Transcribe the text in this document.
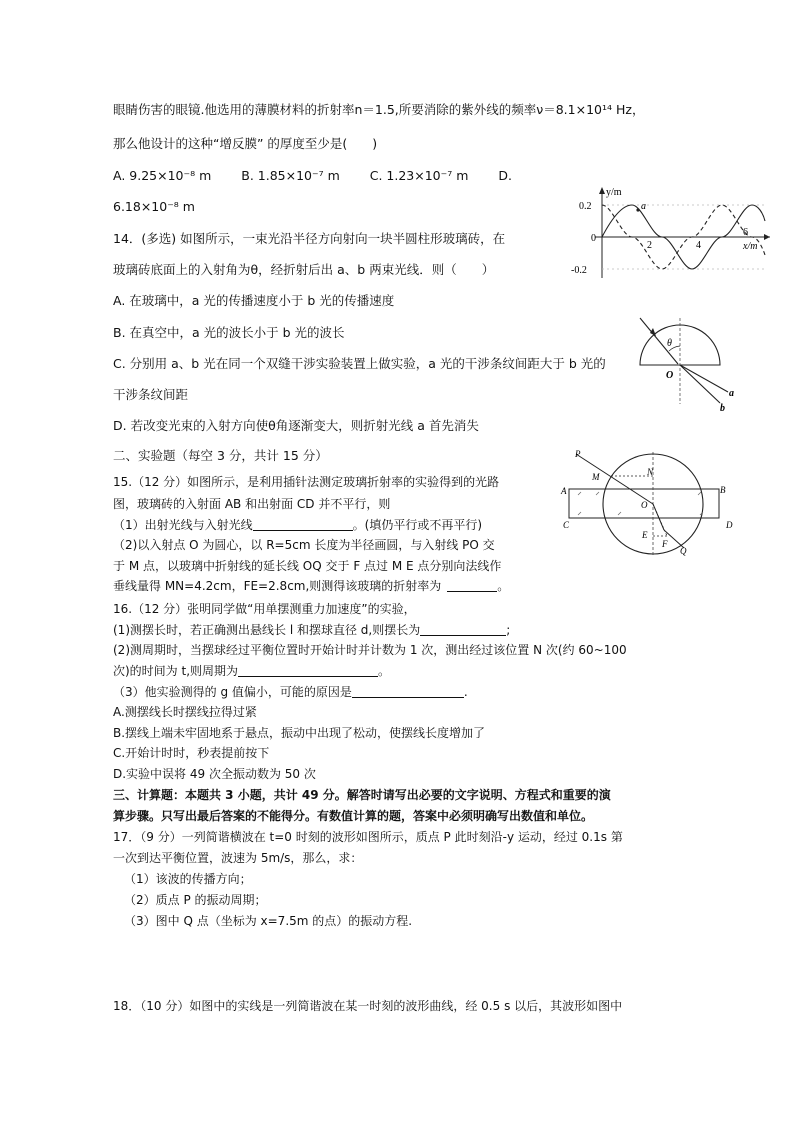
眼睛伤害的眼镜.他选用的薄膜材料的折射率n＝1.5,所要消除的紫外线的频率ν＝8.1×10¹⁴ Hz，
那么他设计的这种“增反膜” 的厚度至少是(　　)
A. 9.25×10⁻⁸ m B. 1.85×10⁻⁷ m C. 1.23×10⁻⁷ m D.
6.18×10⁻⁸ m
14．(多选) 如图所示，一束光沿半径方向射向一块半圆柱形玻璃砖，在
玻璃砖底面上的入射角为θ，经折射后出 a、b 两束光线．则（　　）
A. 在玻璃中，a 光的传播速度小于 b 光的传播速度
B. 在真空中，a 光的波长小于 b 光的波长
C. 分别用 a、b 光在同一个双缝干涉实验装置上做实验，a 光的干涉条纹间距大于 b 光的
干涉条纹间距
D. 若改变光束的入射方向使θ角逐渐变大，则折射光线 a 首先消失
y/m
x/m
0.2
0
-0.2
2	4
6
a
θ
O
a
b
二、实验题（每空 3 分，共计 15 分）
15.（12 分）如图所示，是利用插针法测定玻璃折射率的实验得到的光路
图，玻璃砖的入射面 AB 和出射面 CD 并不平行，则
（1）出射光线与入射光线	。(填仍平行或不再平行)
（2)以入射点 O 为圆心，以 R=5cm 长度为半径画圆，与入射线 PO 交
于 M 点，以玻璃中折射线的延长线 OQ 交于 F 点过 M E 点分别向法线作
垂线量得 MN=4.2cm，FE=2.8cm,则测得该玻璃的折射率为	。
P
N
M
A	B
O
C	D
E
F
Q
16.（12 分）张明同学做“用单摆测重力加速度”的实验，
(1)测摆长时，若正确测出悬线长 l 和摆球直径 d,则摆长为	;
(2)测周期时，当摆球经过平衡位置时开始计时并计数为 1 次，测出经过该位置 N 次(约 60~100
次)的时间为 t,则周期为	。
（3）他实验测得的 g 值偏小，可能的原因是	.
A.测摆线长时摆线拉得过紧
B.摆线上端未牢固地系于悬点，振动中出现了松动，使摆线长度增加了
C.开始计时时，秒表提前按下
D.实验中误将 49 次全振动数为 50 次
三、计算题：本题共 3 小题，共计 49 分。解答时请写出必要的文字说明、方程式和重要的演
算步骤。只写出最后答案的不能得分。有数值计算的题，答案中必须明确写出数值和单位。
17．（9 分）一列简谐横波在 t=0 时刻的波形如图所示，质点 P 此时刻沿-y 运动，经过 0.1s 第
一次到达平衡位置，波速为 5m/s，那么，求：
（1）该波的传播方向；
（2）质点 P 的振动周期；
（3）图中 Q 点（坐标为 x=7.5m 的点）的振动方程.
18．（10 分）如图中的实线是一列简谐波在某一时刻的波形曲线，经 0.5 s 以后，其波形如图中
